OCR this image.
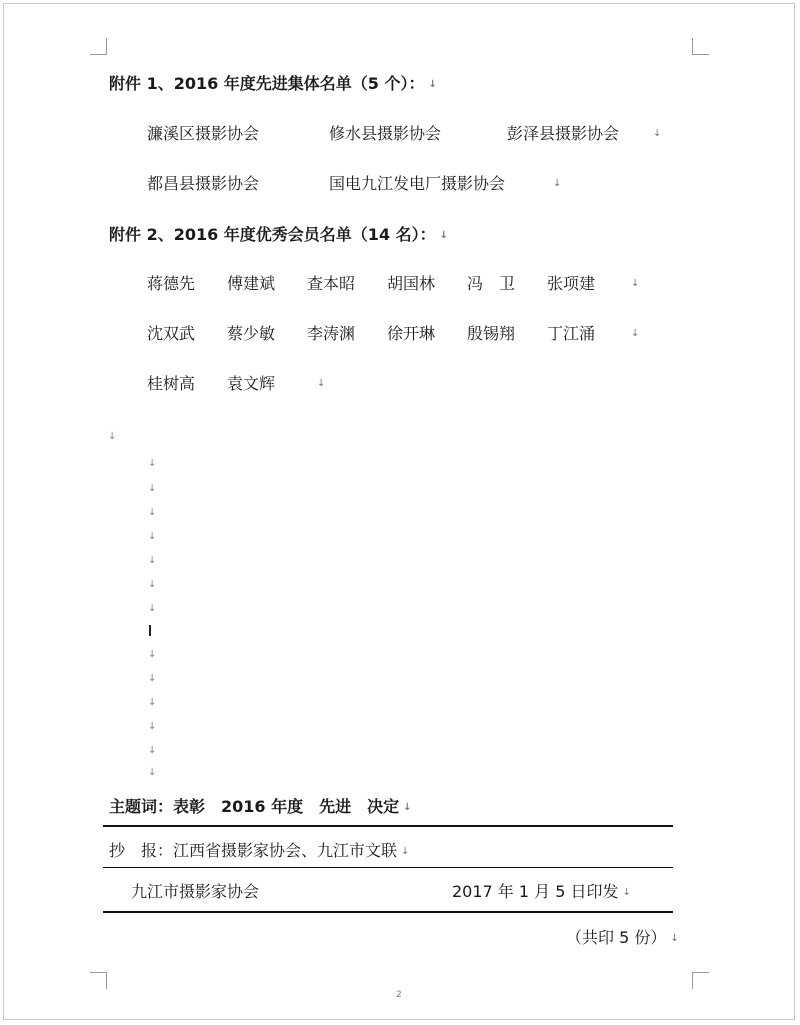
附件 1、2016 年度先进集体名单（5 个）： ↓
濂溪区摄影协会	修水县摄影协会	彭泽县摄影协会	↓
都昌县摄影协会	国电九江发电厂摄影协会	↓
附件 2、2016 年度优秀会员名单（14 名）： ↓
蒋德先 傅建斌 查本昭 胡国林 冯　卫 张项建	↓
沈双武 蔡少敏 李涛渊 徐开琳 殷锡翔 丁江涌	↓
桂树高 袁文辉	↓
↓
↓
↓
↓
↓
↓
↓
↓
↓
↓
↓
↓
↓
↓
主题词：表彰　2016 年度　先进　决定 ↓
抄　报：江西省摄影家协会、九江市文联 ↓
九江市摄影家协会	2017 年 1 月 5 日印发 ↓
（共印 5 份） ↓
2
